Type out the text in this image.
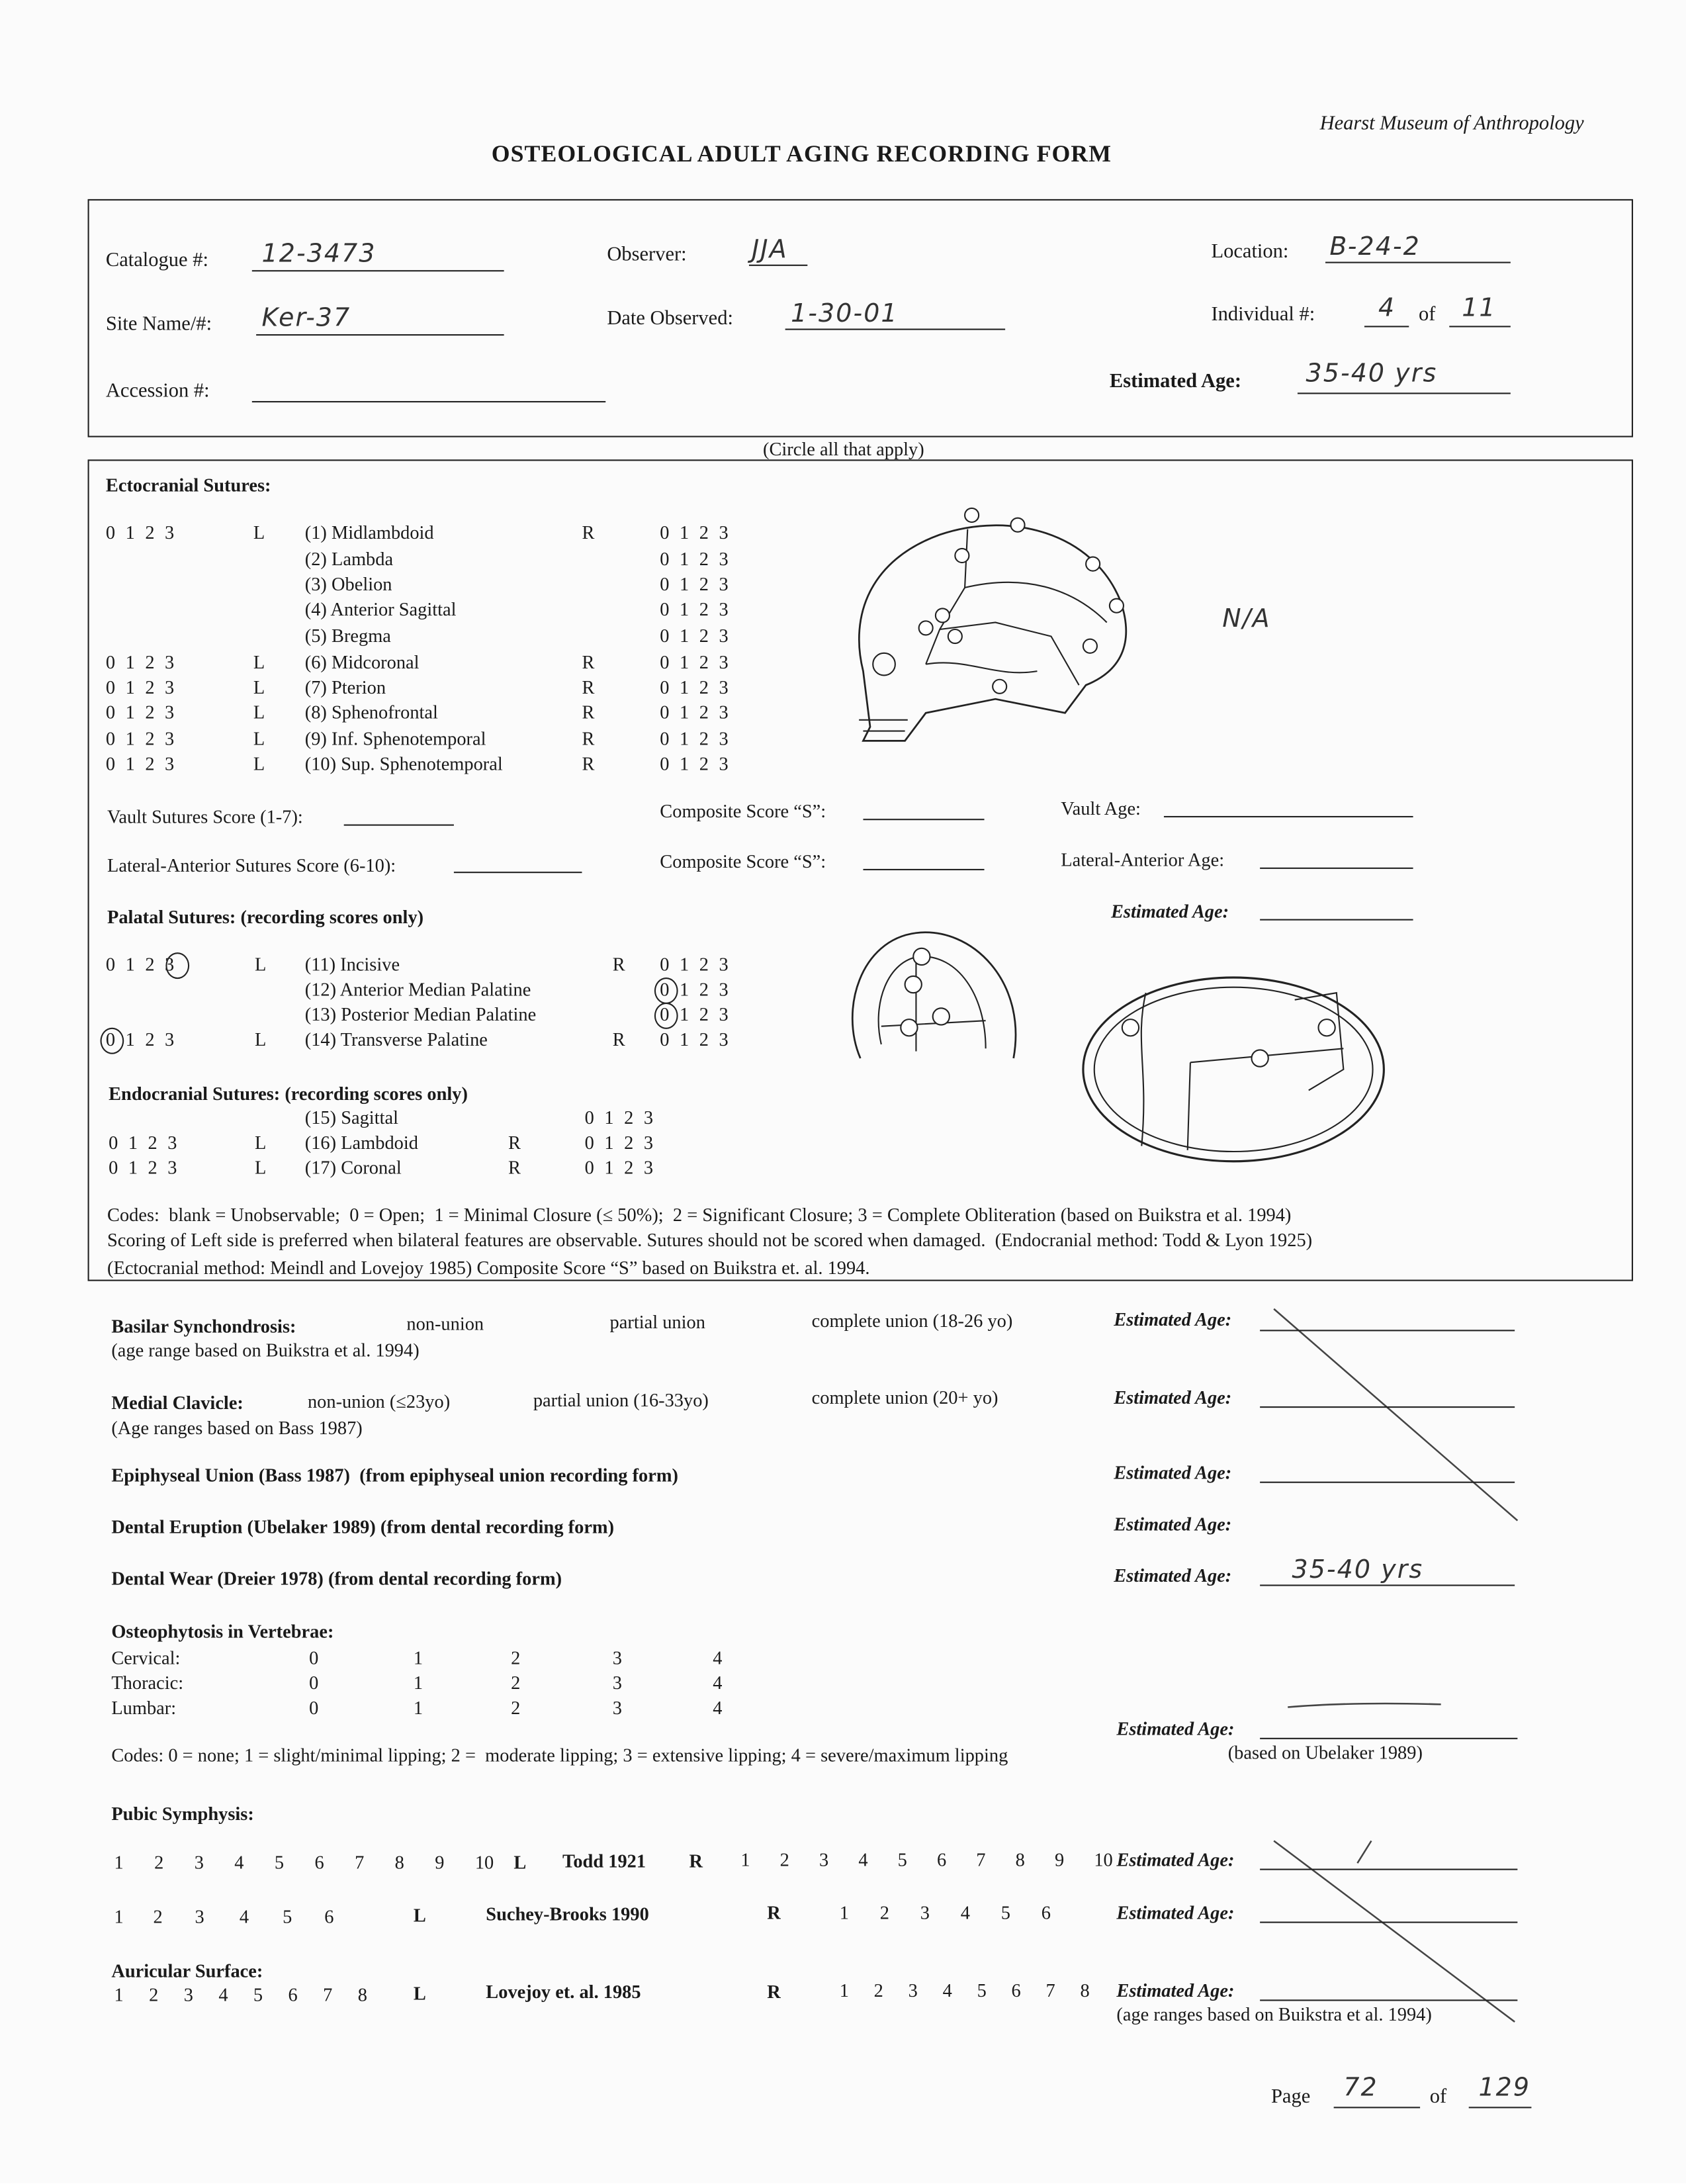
Hearst Museum of Anthropology
OSTEOLOGICAL ADULT AGING RECORDING FORM
Catalogue #:	12-3473	Observer:	JJA	Location:	B-24-2
Site Name/#:	Ker-37	Date Observed:	1-30-01	Individual #:	4 of 11
Accession #:	Estimated Age:	35-40 yrs
(Circle all that apply)
Ectocranial Sutures:
0 1 2 3	L	(1) Midlambdoid	R	0 1 2 3
(2) Lambda	0 1 2 3
(3) Obelion	0 1 2 3
(4) Anterior Sagittal	0 1 2 3
(5) Bregma	0 1 2 3
0 1 2 3	L	(6) Midcoronal	R	0 1 2 3
0 1 2 3	L	(7) Pterion	R	0 1 2 3
0 1 2 3	L	(8) Sphenofrontal	R	0 1 2 3
0 1 2 3	L	(9) Inf. Sphenotemporal	R	0 1 2 3
0 1 2 3	L	(10) Sup. Sphenotemporal	R	0 1 2 3
N/A
Vault Sutures Score (1-7):	Composite Score “S”:	Vault Age:
Lateral-Anterior Sutures Score (6-10):	Composite Score “S”:	Lateral-Anterior Age:
Estimated Age:
Palatal Sutures: (recording scores only)
0 1 2 3	L	(11) Incisive	R	0 1 2 3
(12) Anterior Median Palatine	0 1 2 3
(13) Posterior Median Palatine	0 1 2 3
0 1 2 3	L	(14) Transverse Palatine	R	0 1 2 3
Endocranial Sutures: (recording scores only)
(15) Sagittal	0 1 2 3
0 1 2 3	L	(16) Lambdoid	R	0 1 2 3
0 1 2 3	L	(17) Coronal	R	0 1 2 3
Codes:  blank = Unobservable;  0 = Open;  1 = Minimal Closure (≤ 50%);  2 = Significant Closure; 3 = Complete Obliteration (based on Buikstra et al. 1994)
Scoring of Left side is preferred when bilateral features are observable. Sutures should not be scored when damaged.  (Endocranial method: Todd & Lyon 1925)
(Ectocranial method: Meindl and Lovejoy 1985) Composite Score “S” based on Buikstra et. al. 1994.
Basilar Synchondrosis:
(age range based on Buikstra et al. 1994)
non-union	partial union	complete union (18-26 yo)	Estimated Age:
Medial Clavicle:
(Age ranges based on Bass 1987)
non-union (≤23yo)	partial union (16-33yo)	complete union (20+ yo)	Estimated Age:
Epiphyseal Union (Bass 1987)  (from epiphyseal union recording form)	Estimated Age:
Dental Eruption (Ubelaker 1989) (from dental recording form)	Estimated Age:
Dental Wear (Dreier 1978) (from dental recording form)	Estimated Age:	35-40 yrs
Osteophytosis in Vertebrae:
Cervical:	0	1	2	3	4
Thoracic:	0	1	2	3	4
Lumbar:	0	1	2	3	4
Estimated Age:
Codes: 0 = none; 1 = slight/minimal lipping; 2 =  moderate lipping; 3 = extensive lipping; 4 = severe/maximum lipping	(based on Ubelaker 1989)
Pubic Symphysis:
1	2	3	4	5	6	7	8	9	10 L	Todd 1921	R	1	2	3	4	5	6	7	8	9	10 Estimated Age:
1	2	3	4	5	6	L	Suchey-Brooks 1990	R	1	2	3	4	5	6	Estimated Age:
Auricular Surface:
1	2	3	4	5	6	7	8	L	Lovejoy et. al. 1985	R	1	2	3	4	5	6	7	8	Estimated Age:
(age ranges based on Buikstra et al. 1994)
Page	72	of	129
